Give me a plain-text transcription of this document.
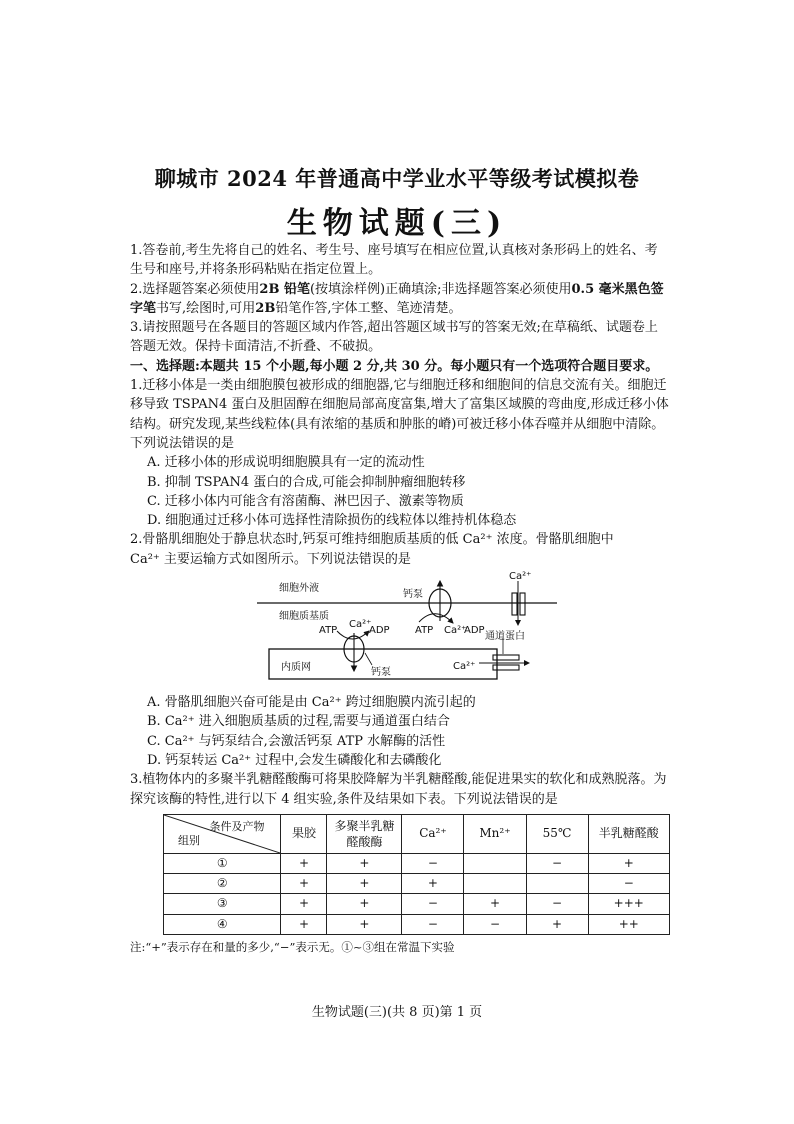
聊城市 2024 年普通高中学业水平等级考试模拟卷
生物试题(三)

1.答卷前,考生先将自己的姓名、考生号、座号填写在相应位置,认真核对条形码上的姓名、考生号和座号,并将条形码粘贴在指定位置上。

2.选择题答案必须使用2B 铅笔(按填涂样例)正确填涂;非选择题答案必须使用0.5 毫米黑色签字笔书写,绘图时,可用2B铅笔作答,字体工整、笔迹清楚。

3.请按照题号在各题目的答题区域内作答,超出答题区域书写的答案无效;在草稿纸、试题卷上答题无效。保持卡面清洁,不折叠、不破损。

一、选择题:本题共 15 个小题,每小题 2 分,共 30 分。每小题只有一个选项符合题目要求。

1.迁移小体是一类由细胞膜包被形成的细胞器,它与细胞迁移和细胞间的信息交流有关。细胞迁移导致 TSPAN4 蛋白及胆固醇在细胞局部高度富集,增大了富集区域膜的弯曲度,形成迁移小体结构。研究发现,某些线粒体(具有浓缩的基质和肿胀的嵴)可被迁移小体吞噬并从细胞中清除。下列说法错误的是

A. 迁移小体的形成说明细胞膜具有一定的流动性

B. 抑制 TSPAN4 蛋白的合成,可能会抑制肿瘤细胞转移

C. 迁移小体内可能含有溶菌酶、淋巴因子、激素等物质

D. 细胞通过迁移小体可选择性清除损伤的线粒体以维持机体稳态

2.骨骼肌细胞处于静息状态时,钙泵可维持细胞质基质的低 Ca²⁺ 浓度。骨骼肌细胞中

Ca²⁺ 主要运输方式如图所示。下列说法错误的是

细胞外液
细胞质基质
钙泵
ATP Ca²⁺
ADP
Ca²⁺
通道蛋白
ATP
Ca²⁺
ADP
钙泵
内质网	Ca²⁺

A. 骨骼肌细胞兴奋可能是由 Ca²⁺ 跨过细胞膜内流引起的

B. Ca²⁺ 进入细胞质基质的过程,需要与通道蛋白结合

C. Ca²⁺ 与钙泵结合,会激活钙泵 ATP 水解酶的活性

D. 钙泵转运 Ca²⁺ 过程中,会发生磷酸化和去磷酸化

3.植物体内的多聚半乳糖醛酸酶可将果胶降解为半乳糖醛酸,能促进果实的软化和成熟脱落。为探究该酶的特性,进行以下 4 组实验,条件及结果如下表。下列说法错误的是

条件及产物
组别	果胶	多聚半乳糖醛酸酶	Ca²⁺	Mn²⁺	55℃	半乳糖醛酸
①	+	+	−		−	+
②	+	+	+			−
③	+	+	−	+	−	+++
④	+	+	−	−	+	++

注:“+”表示存在和量的多少,“−”表示无。①~③组在常温下实验

生物试题(三)(共 8 页)第 1 页
